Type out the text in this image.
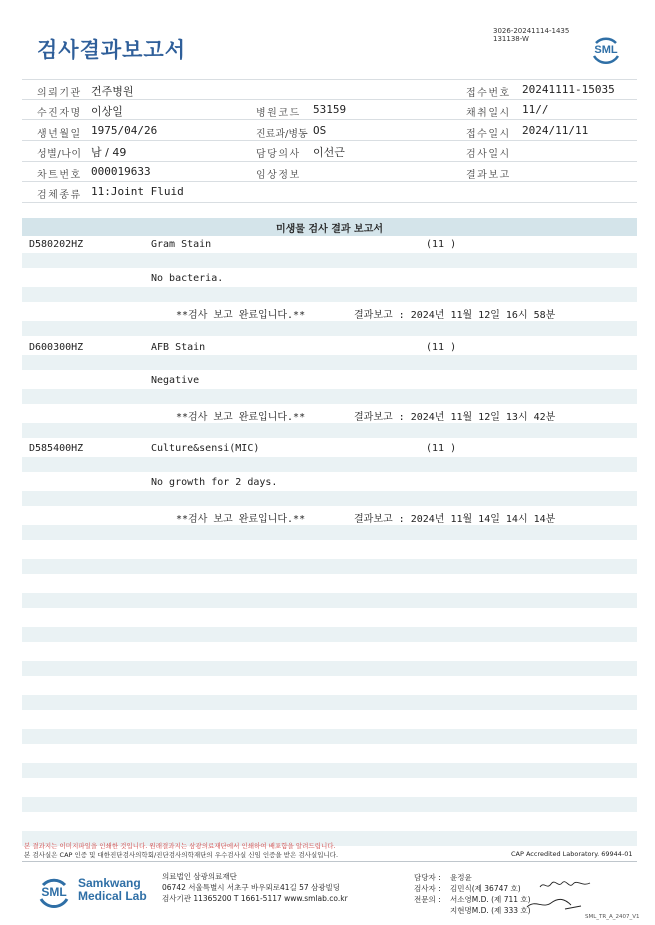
검사결과보고서
3026-20241114-1435
131138-W
SML
의뢰기관 건주병원	접수번호 20241111-15035
수진자명 이상일	병원코드 53159	채취일시 11//
생년월일 1975/04/26	진료과/병동 OS	접수일시 2024/11/11
성별/나이 남 / 49	담당의사 이선근	검사일시
차트번호 000019633	임상정보	결과보고
검체종류 11:Joint Fluid
미생물 검사 결과 보고서
D580202HZ	Gram Stain	(11 )
No bacteria.
**검사 보고 완료입니다.**	결과보고 : 2024년 11월 12일 16시 58분
D600300HZ	AFB Stain	(11 )
Negative
**검사 보고 완료입니다.**	결과보고 : 2024년 11월 12일 13시 42분
D585400HZ	Culture&sensi(MIC)	(11 )
No growth for 2 days.
**검사 보고 완료입니다.**	결과보고 : 2024년 11월 14일 14시 14분
본 결과지는 이미지파일을 인쇄한 것입니다. 원래결과지는 삼광의료재단에서 인쇄하여 배포함을 알려드립니다.
본 검사실은 CAP 인증 및 대한진단검사의학회/진단검사의학재단의 우수검사실 신임 인증을 받은 검사실입니다.	CAP Accredited Laboratory. 69944-01
SML
Samkwang
Medical Lab
의료법인 삼광의료재단
06742 서울특별시 서초구 바우뫼로41길 57 삼광빌딩
검사기관 11365200 T 1661-5117 www.smlab.co.kr
담당자 : 윤정윤
검사자 : 김민식(제 36747 호)
전문의 : 서소영M.D. (제 711 호)
지현명M.D. (제 333 호)
SML_TR_A_2407_V1
